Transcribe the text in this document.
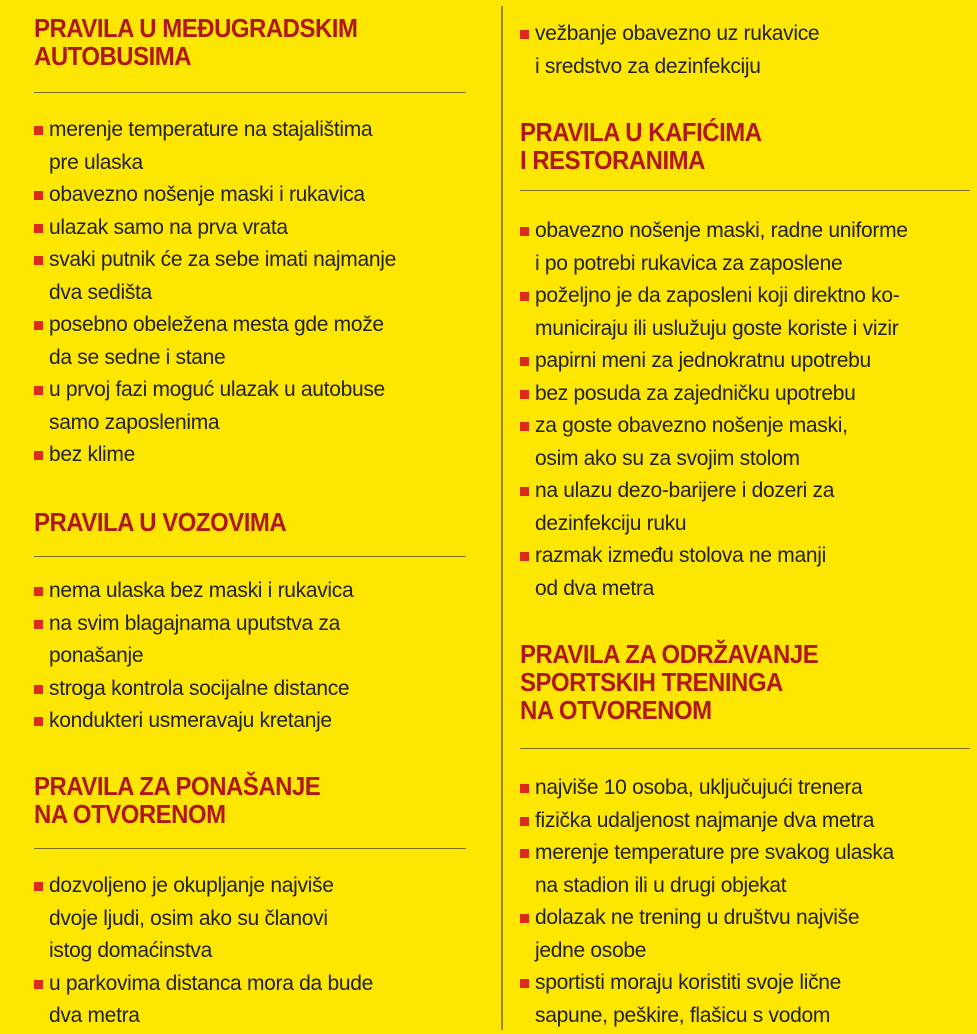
PRAVILA U MEĐUGRADSKIM
AUTOBUSIMA
merenje temperature na stajalištima
pre ulaska
obavezno nošenje maski i rukavica
ulazak samo na prva vrata
svaki putnik će za sebe imati najmanje
dva sedišta
posebno obeležena mesta gde može
da se sedne i stane
u prvoj fazi moguć ulazak u autobuse
samo zaposlenima
bez klime
PRAVILA U VOZOVIMA
nema ulaska bez maski i rukavica
na svim blagajnama uputstva za
ponašanje
stroga kontrola socijalne distance
kondukteri usmeravaju kretanje
PRAVILA ZA PONAŠANJE
NA OTVORENOM
dozvoljeno je okupljanje najviše
dvoje ljudi, osim ako su članovi
istog domaćinstva
u parkovima distanca mora da bude
dva metra
vežbanje obavezno uz rukavice
i sredstvo za dezinfekciju
PRAVILA U KAFIĆIMA
I RESTORANIMA
obavezno nošenje maski, radne uniforme
i po potrebi rukavica za zaposlene
poželjno je da zaposleni koji direktno ko-
municiraju ili uslužuju goste koriste i vizir
papirni meni za jednokratnu upotrebu
bez posuda za zajedničku upotrebu
za goste obavezno nošenje maski,
osim ako su za svojim stolom
na ulazu dezo-barijere i dozeri za
dezinfekciju ruku
razmak između stolova ne manji
od dva metra
PRAVILA ZA ODRŽAVANJE
SPORTSKIH TRENINGA
NA OTVORENOM
najviše 10 osoba, uključujući trenera
fizička udaljenost najmanje dva metra
merenje temperature pre svakog ulaska
na stadion ili u drugi objekat
dolazak ne trening u društvu najviše
jedne osobe
sportisti moraju koristiti svoje lične
sapune, peškire, flašicu s vodom
